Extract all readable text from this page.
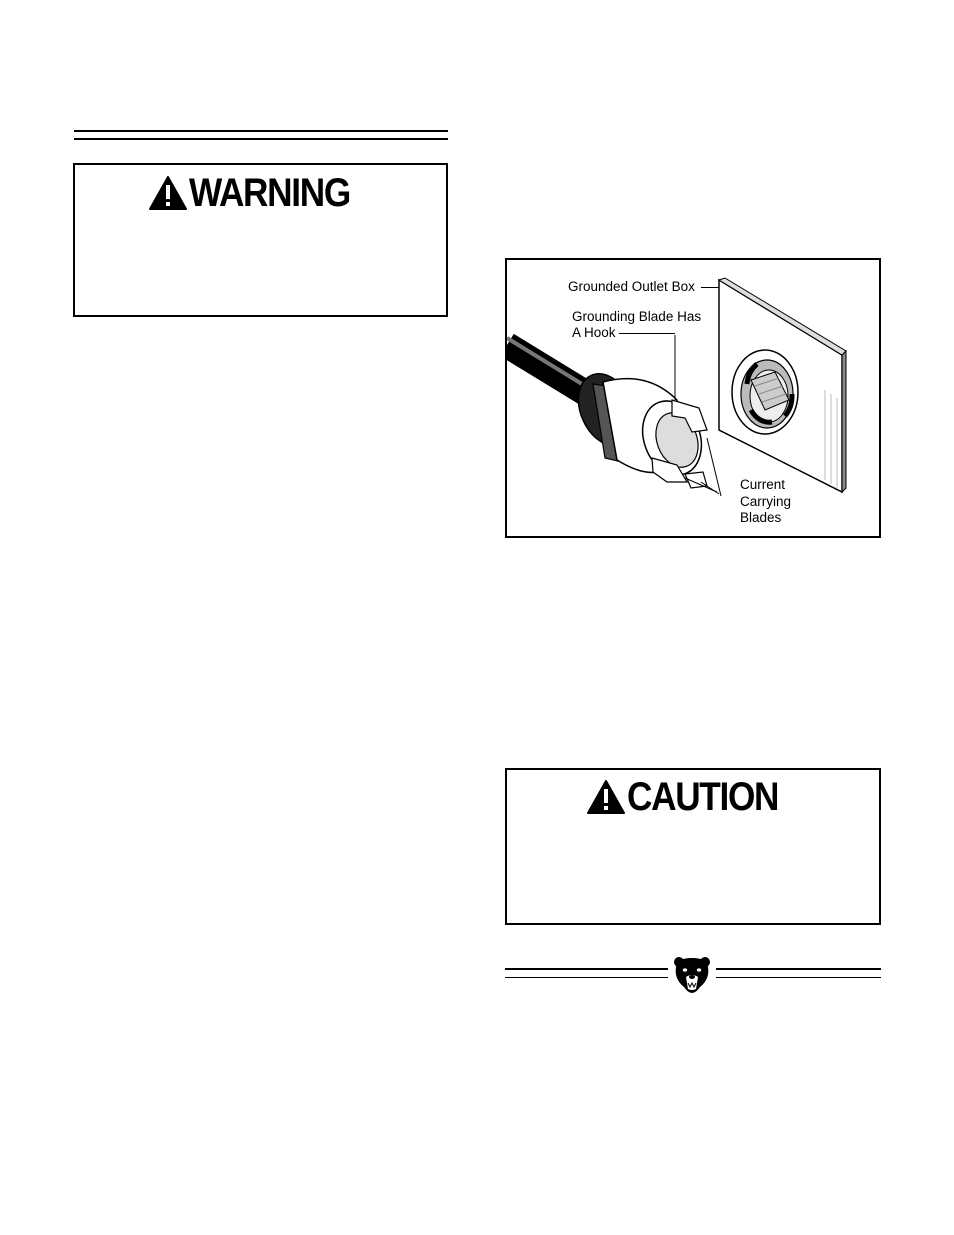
WARNING
Grounded Outlet Box
Grounding Blade Has
A Hook
Current
Carrying
Blades
CAUTION
